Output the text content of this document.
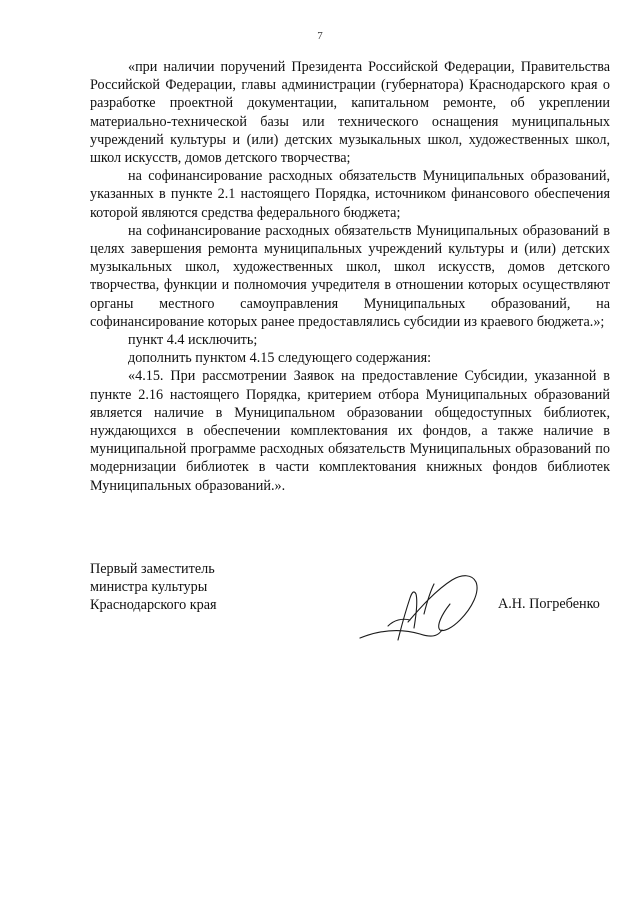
7

«при наличии поручений Президента Российской Федерации, Правительства Российской Федерации, главы администрации (губернатора) Краснодарского края о разработке проектной документации, капитальном ремонте, об укреплении материально-технической базы или технического оснащения муниципальных учреждений культуры и (или) детских музыкальных школ, художественных школ, школ искусств, домов детского творчества;

на софинансирование расходных обязательств Муниципальных образований, указанных в пункте 2.1 настоящего Порядка, источником финансового обеспечения которой являются средства федерального бюджета;

на софинансирование расходных обязательств Муниципальных образований в целях завершения ремонта муниципальных учреждений культуры и (или) детских музыкальных школ, художественных школ, школ искусств, домов детского творчества, функции и полномочия учредителя в отношении которых осуществляют органы местного самоуправления Муниципальных образований, на софинансирование которых ранее предоставлялись субсидии из краевого бюджета.»;

пункт 4.4 исключить;

дополнить пунктом 4.15 следующего содержания:

«4.15. При рассмотрении Заявок на предоставление Субсидии, указанной в пункте 2.16 настоящего Порядка, критерием отбора Муниципальных образований является наличие в Муниципальном образовании общедоступных библиотек, нуждающихся в обеспечении комплектования их фондов, а также наличие в муниципальной программе расходных обязательств Муниципальных образований по модернизации библиотек в части комплектования книжных фондов библиотек Муниципальных образований.».

Первый заместитель
министра культуры
Краснодарского края	А.Н. Погребенко
